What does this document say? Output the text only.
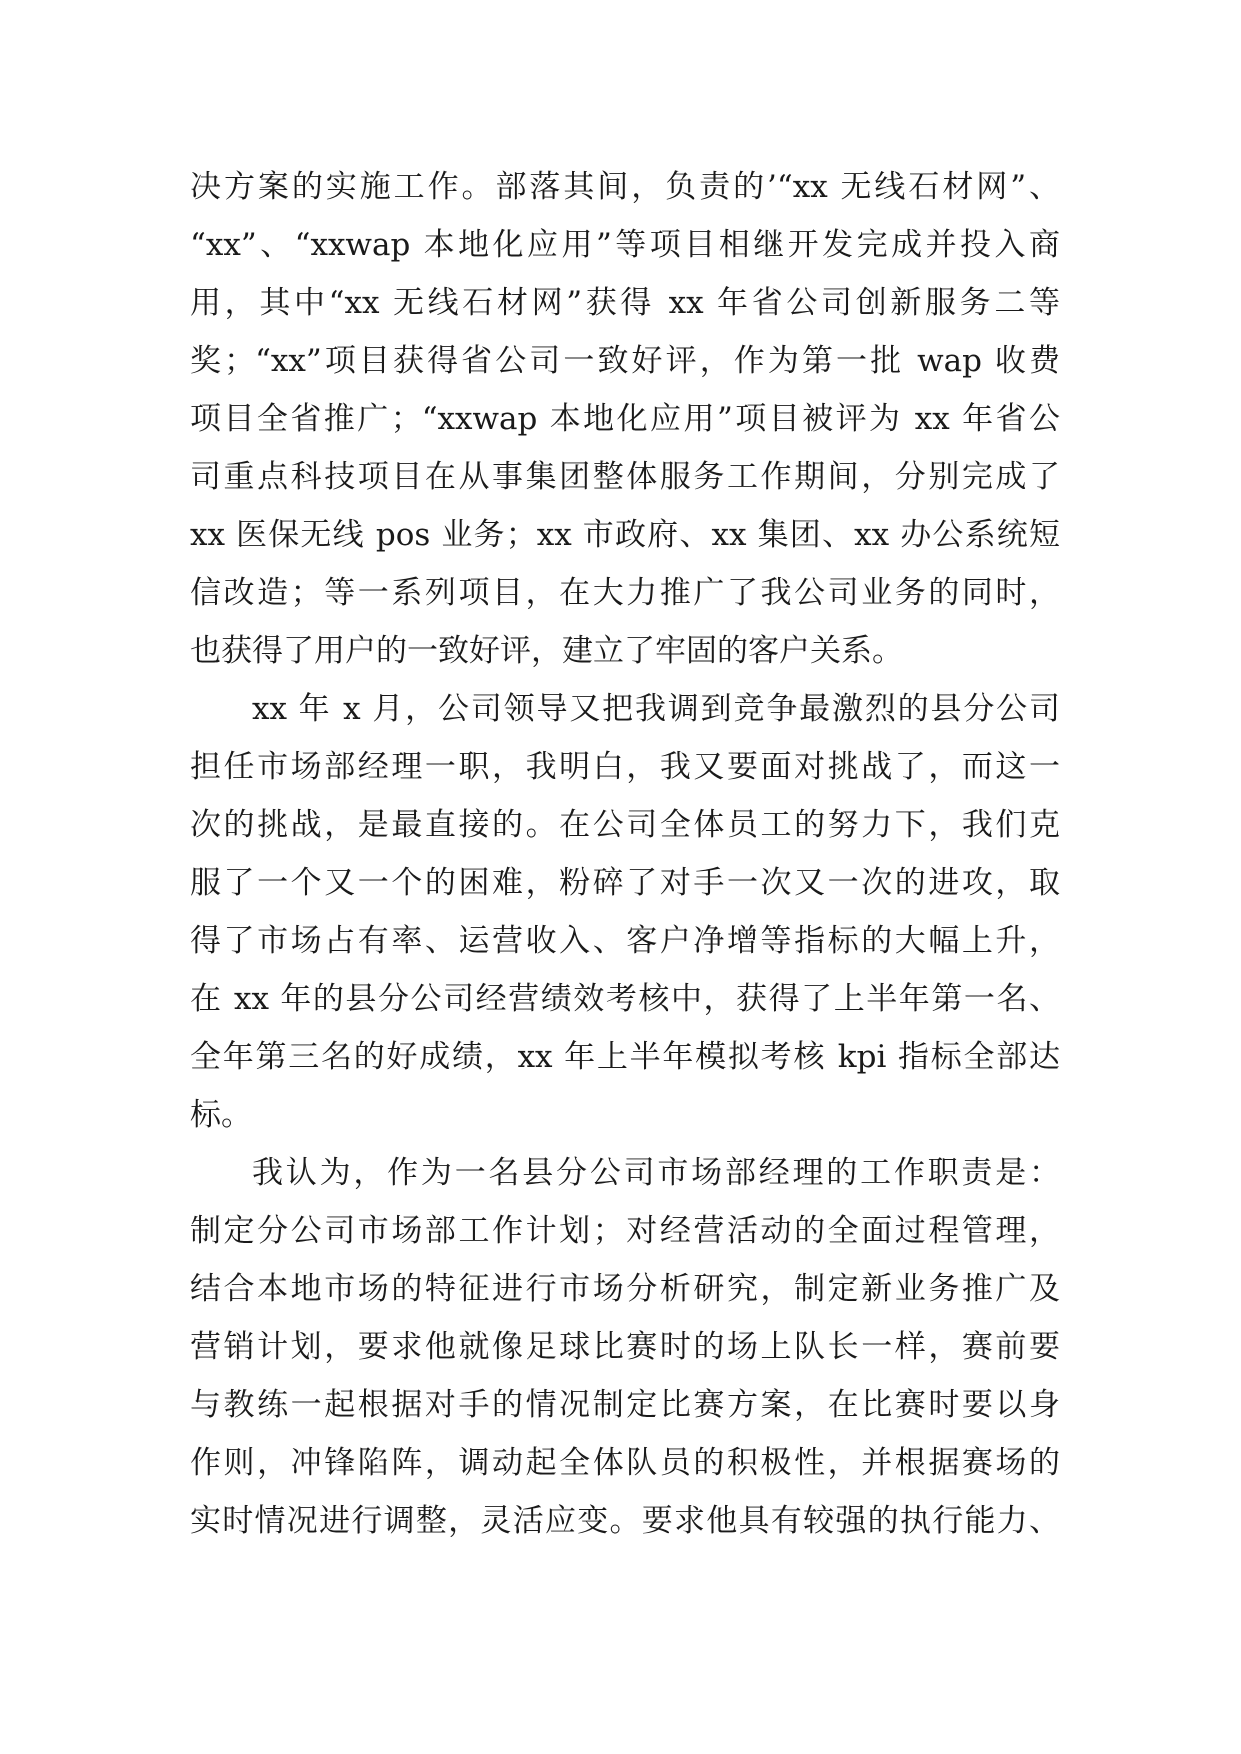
决方案的实施工作。部落其间，负责的’“xx 无线石材网”、
“xx”、“xxwap 本地化应用”等项目相继开发完成并投入商
用，其中“xx 无线石材网”获得 xx 年省公司创新服务二等
奖；“xx”项目获得省公司一致好评，作为第一批 wap 收费
项目全省推广；“xxwap 本地化应用”项目被评为 xx 年省公
司重点科技项目在从事集团整体服务工作期间，分别完成了
xx 医保无线 pos 业务；xx 市政府、xx 集团、xx 办公系统短
信改造；等一系列项目，在大力推广了我公司业务的同时，
也获得了用户的一致好评，建立了牢固的客户关系。
xx 年 x 月，公司领导又把我调到竞争最激烈的县分公司
担任市场部经理一职，我明白，我又要面对挑战了，而这一
次的挑战，是最直接的。在公司全体员工的努力下，我们克
服了一个又一个的困难，粉碎了对手一次又一次的进攻，取
得了市场占有率、运营收入、客户净增等指标的大幅上升，
在 xx 年的县分公司经营绩效考核中，获得了上半年第一名、
全年第三名的好成绩，xx 年上半年模拟考核 kpi 指标全部达
标。
我认为，作为一名县分公司市场部经理的工作职责是：
制定分公司市场部工作计划；对经营活动的全面过程管理，
结合本地市场的特征进行市场分析研究，制定新业务推广及
营销计划，要求他就像足球比赛时的场上队长一样，赛前要
与教练一起根据对手的情况制定比赛方案，在比赛时要以身
作则，冲锋陷阵，调动起全体队员的积极性，并根据赛场的
实时情况进行调整，灵活应变。要求他具有较强的执行能力、
